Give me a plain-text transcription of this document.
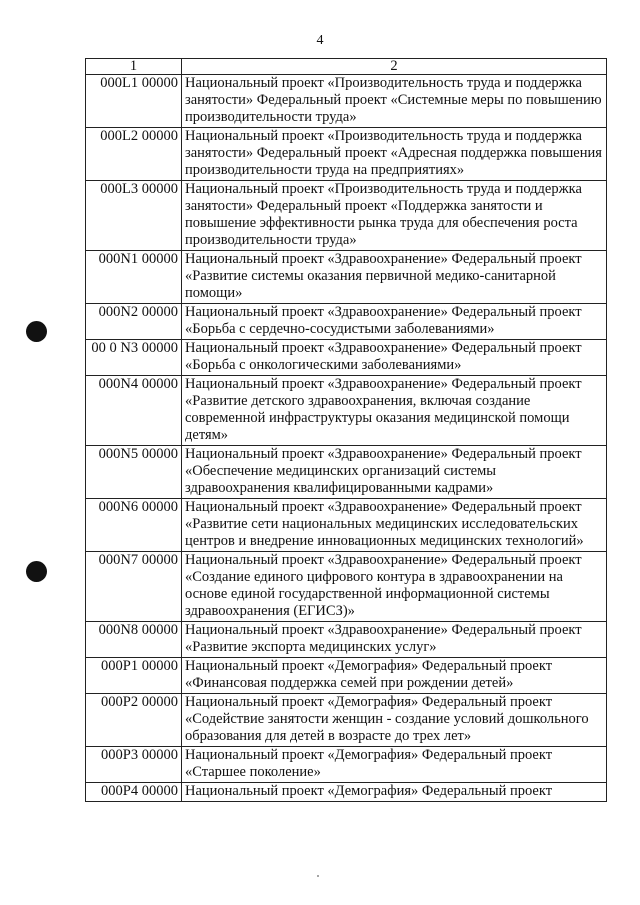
4
1	2
000L1 00000	Национальный проект «Производительность труда и поддержка занятости» Федеральный проект «Системные меры по повышению производительности труда»
000L2 00000	Национальный проект «Производительность труда и поддержка занятости» Федеральный проект «Адресная поддержка повышения производительности труда на предприятиях»
000L3 00000	Национальный проект «Производительность труда и поддержка занятости» Федеральный проект «Поддержка занятости и повышение эффективности рынка труда для обеспечения роста производительности труда»
000N1 00000	Национальный проект «Здравоохранение» Федеральный проект «Развитие системы оказания первичной медико-санитарной помощи»
000N2 00000	Национальный проект «Здравоохранение» Федеральный проект «Борьба с сердечно-сосудистыми заболеваниями»
00 0 N3 00000	Национальный проект «Здравоохранение» Федеральный проект «Борьба с онкологическими заболеваниями»
000N4 00000	Национальный проект «Здравоохранение» Федеральный проект «Развитие детского здравоохранения, включая создание современной инфраструктуры оказания медицинской помощи детям»
000N5 00000	Национальный проект «Здравоохранение» Федеральный проект «Обеспечение медицинских организаций системы здравоохранения квалифицированными кадрами»
000N6 00000	Национальный проект «Здравоохранение» Федеральный проект «Развитие сети национальных медицинских исследовательских центров и внедрение инновационных медицинских технологий»
000N7 00000	Национальный проект «Здравоохранение» Федеральный проект «Создание единого цифрового контура в здравоохранении на основе единой государственной информационной системы здравоохранения (ЕГИСЗ)»
000N8 00000	Национальный проект «Здравоохранение» Федеральный проект «Развитие экспорта медицинских услуг»
000P1 00000	Национальный проект «Демография» Федеральный проект «Финансовая поддержка семей при рождении детей»
000P2 00000	Национальный проект «Демография» Федеральный проект «Содействие занятости женщин - создание условий дошкольного образования для детей в возрасте до трех лет»
000P3 00000	Национальный проект «Демография» Федеральный проект «Старшее поколение»
000P4 00000	Национальный проект «Демография» Федеральный проект
